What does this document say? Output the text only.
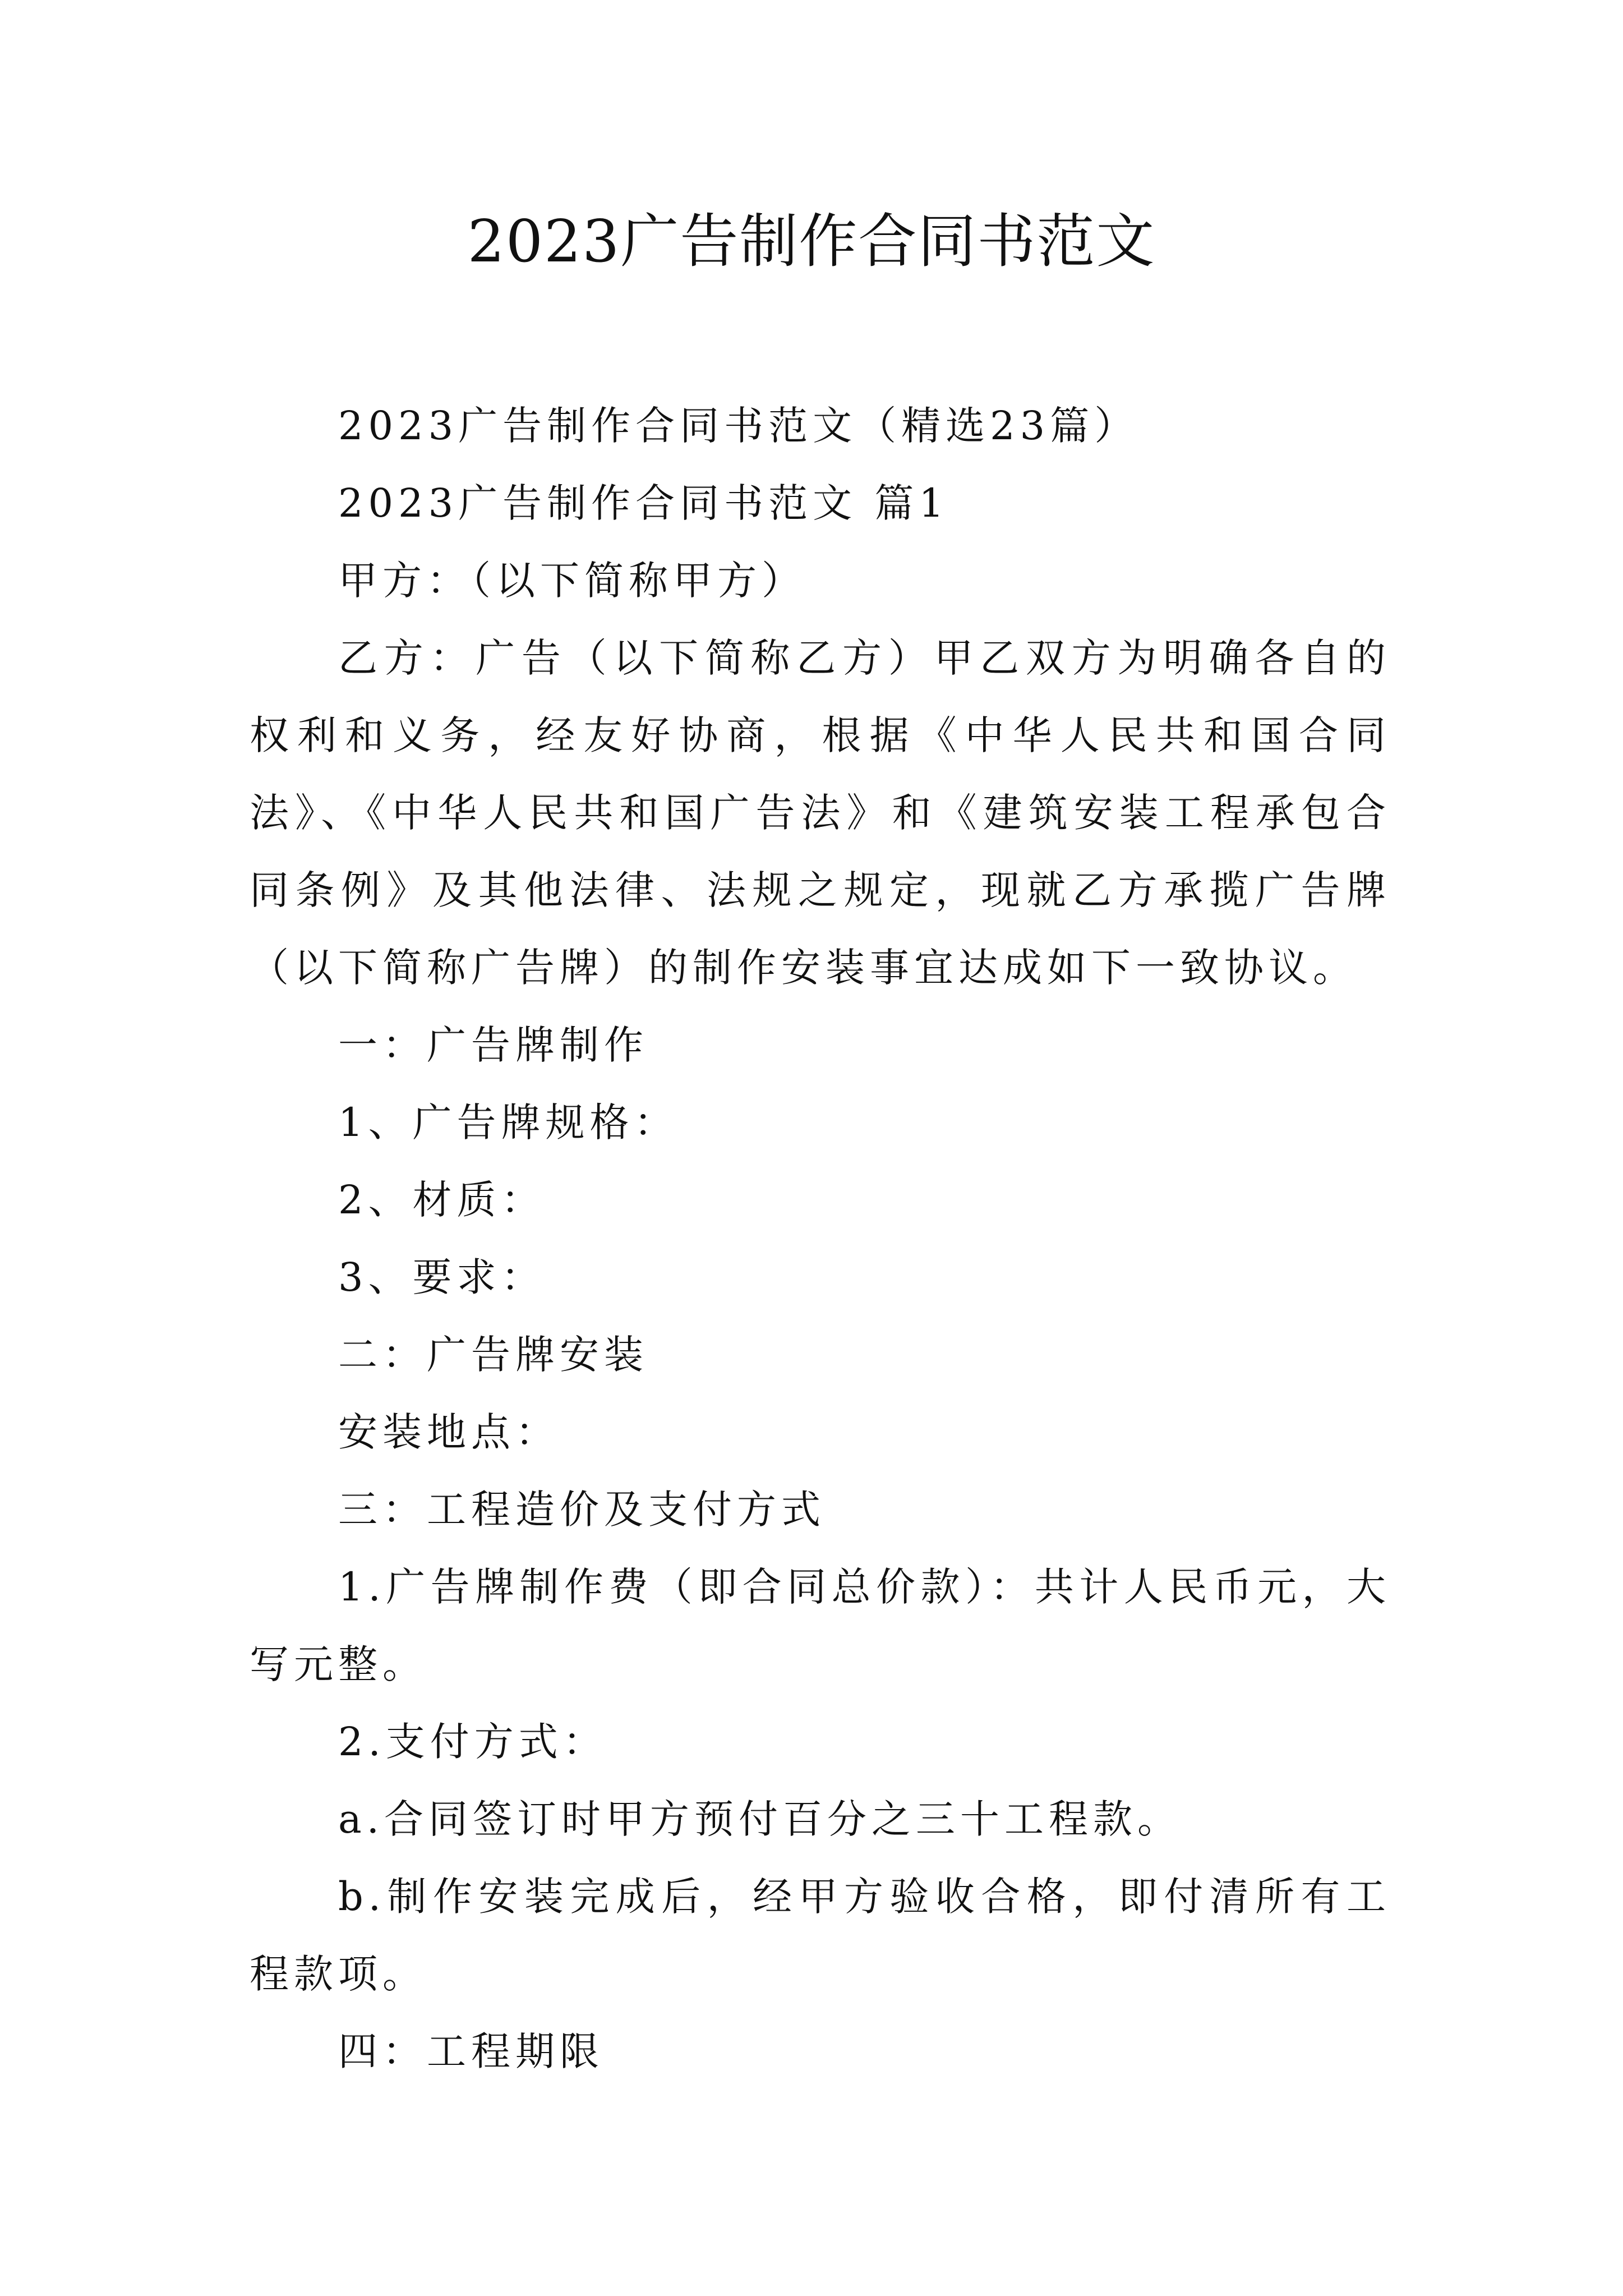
2023广告制作合同书范文

2023广告制作合同书范文（精选23篇）

2023广告制作合同书范文 篇1

甲方：（以下简称甲方）

乙方：广告（以下简称乙方）甲乙双方为明确各自的权利和义务，经友好协商，根据《中华人民共和国合同法》、《中华人民共和国广告法》和《建筑安装工程承包合同条例》及其他法律、法规之规定，现就乙方承揽广告牌（以下简称广告牌）的制作安装事宜达成如下一致协议。

一：广告牌制作

1、广告牌规格：

2、材质：

3、要求：

二：广告牌安装

安装地点：

三：工程造价及支付方式

1.广告牌制作费（即合同总价款）：共计人民币元，大写元整。

2.支付方式：

a.合同签订时甲方预付百分之三十工程款。

b.制作安装完成后，经甲方验收合格，即付清所有工程款项。

四：工程期限
